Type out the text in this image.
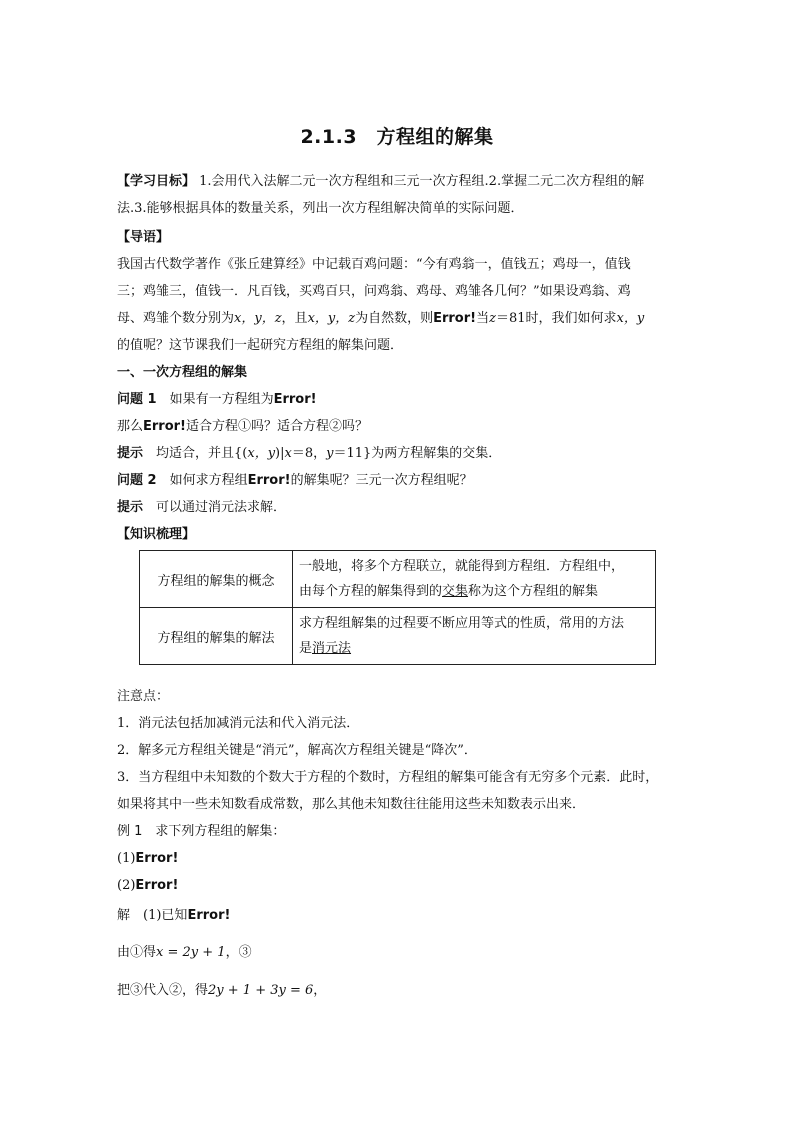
2.1.3　方程组的解集
【学习目标】 1.会用代入法解二元一次方程组和三元一次方程组.2.掌握二元二次方程组的解
法.3.能够根据具体的数量关系，列出一次方程组解决简单的实际问题．
【导语】
我国古代数学著作《张丘建算经》中记载百鸡问题：“今有鸡翁一，值钱五；鸡母一，值钱
三；鸡雏三，值钱一．凡百钱，买鸡百只，问鸡翁、鸡母、鸡雏各几何？”如果设鸡翁、鸡
母、鸡雏个数分别为x，y，z，且x，y，z为自然数，则Error!当z＝81时，我们如何求x，y
的值呢？这节课我们一起研究方程组的解集问题．
一、一次方程组的解集
问题 1　如果有一方程组为Error!
那么Error!适合方程①吗？适合方程②吗？
提示　均适合，并且{(x，y)|x＝8，y＝11}为两方程解集的交集．
问题 2　如何求方程组Error!的解集呢？三元一次方程组呢？
提示　可以通过消元法求解．
【知识梳理】
方程组的解集的概念	一般地，将多个方程联立，就能得到方程组．方程组中，
由每个方程的解集得到的交集称为这个方程组的解集

方程组的解集的解法	求方程组解集的过程要不断应用等式的性质，常用的方法
是消元法
注意点：
1．消元法包括加减消元法和代入消元法．
2．解多元方程组关键是“消元”，解高次方程组关键是“降次”．
3．当方程组中未知数的个数大于方程的个数时，方程组的解集可能含有无穷多个元素．此时，
如果将其中一些未知数看成常数，那么其他未知数往往能用这些未知数表示出来．
例 1　求下列方程组的解集：
(1)Error!
(2)Error!
解　(1)已知Error!
由①得x = 2y + 1，③
把③代入②，得2y + 1 + 3y = 6，
